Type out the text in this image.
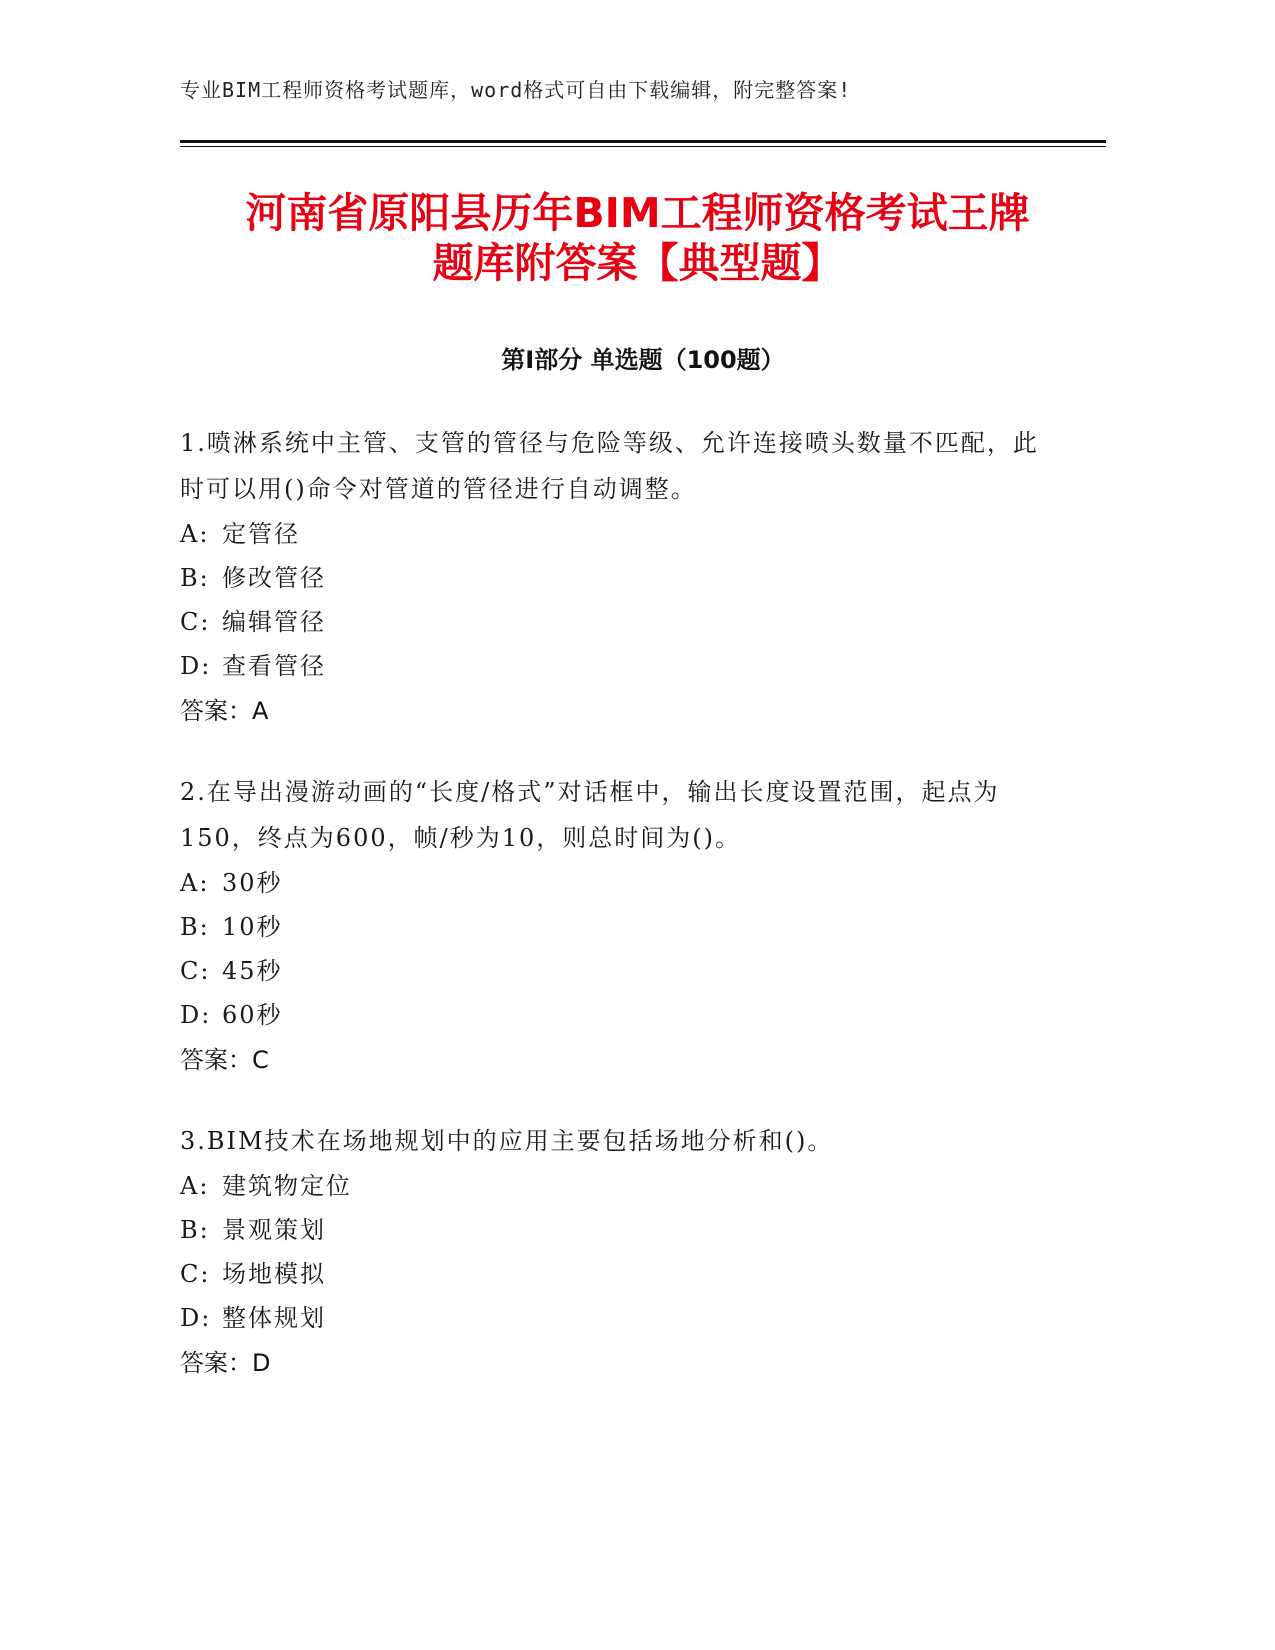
专业BIM工程师资格考试题库，word格式可自由下载编辑，附完整答案!
河南省原阳县历年BIM工程师资格考试王牌
题库附答案【典型题】
第I部分 单选题（100题）

1.喷淋系统中主管、支管的管径与危险等级、允许连接喷头数量不匹配，此时可以用()命令对管道的管径进行自动调整。

A: 定管径

B: 修改管径

C: 编辑管径

D: 查看管径

答案：A

2.在导出漫游动画的“长度/格式”对话框中，输出长度设置范围，起点为150，终点为600，帧/秒为10，则总时间为()。

A: 30秒

B: 10秒

C: 45秒

D: 60秒

答案：C

3.BIM技术在场地规划中的应用主要包括场地分析和()。

A: 建筑物定位

B: 景观策划

C: 场地模拟

D: 整体规划

答案：D
